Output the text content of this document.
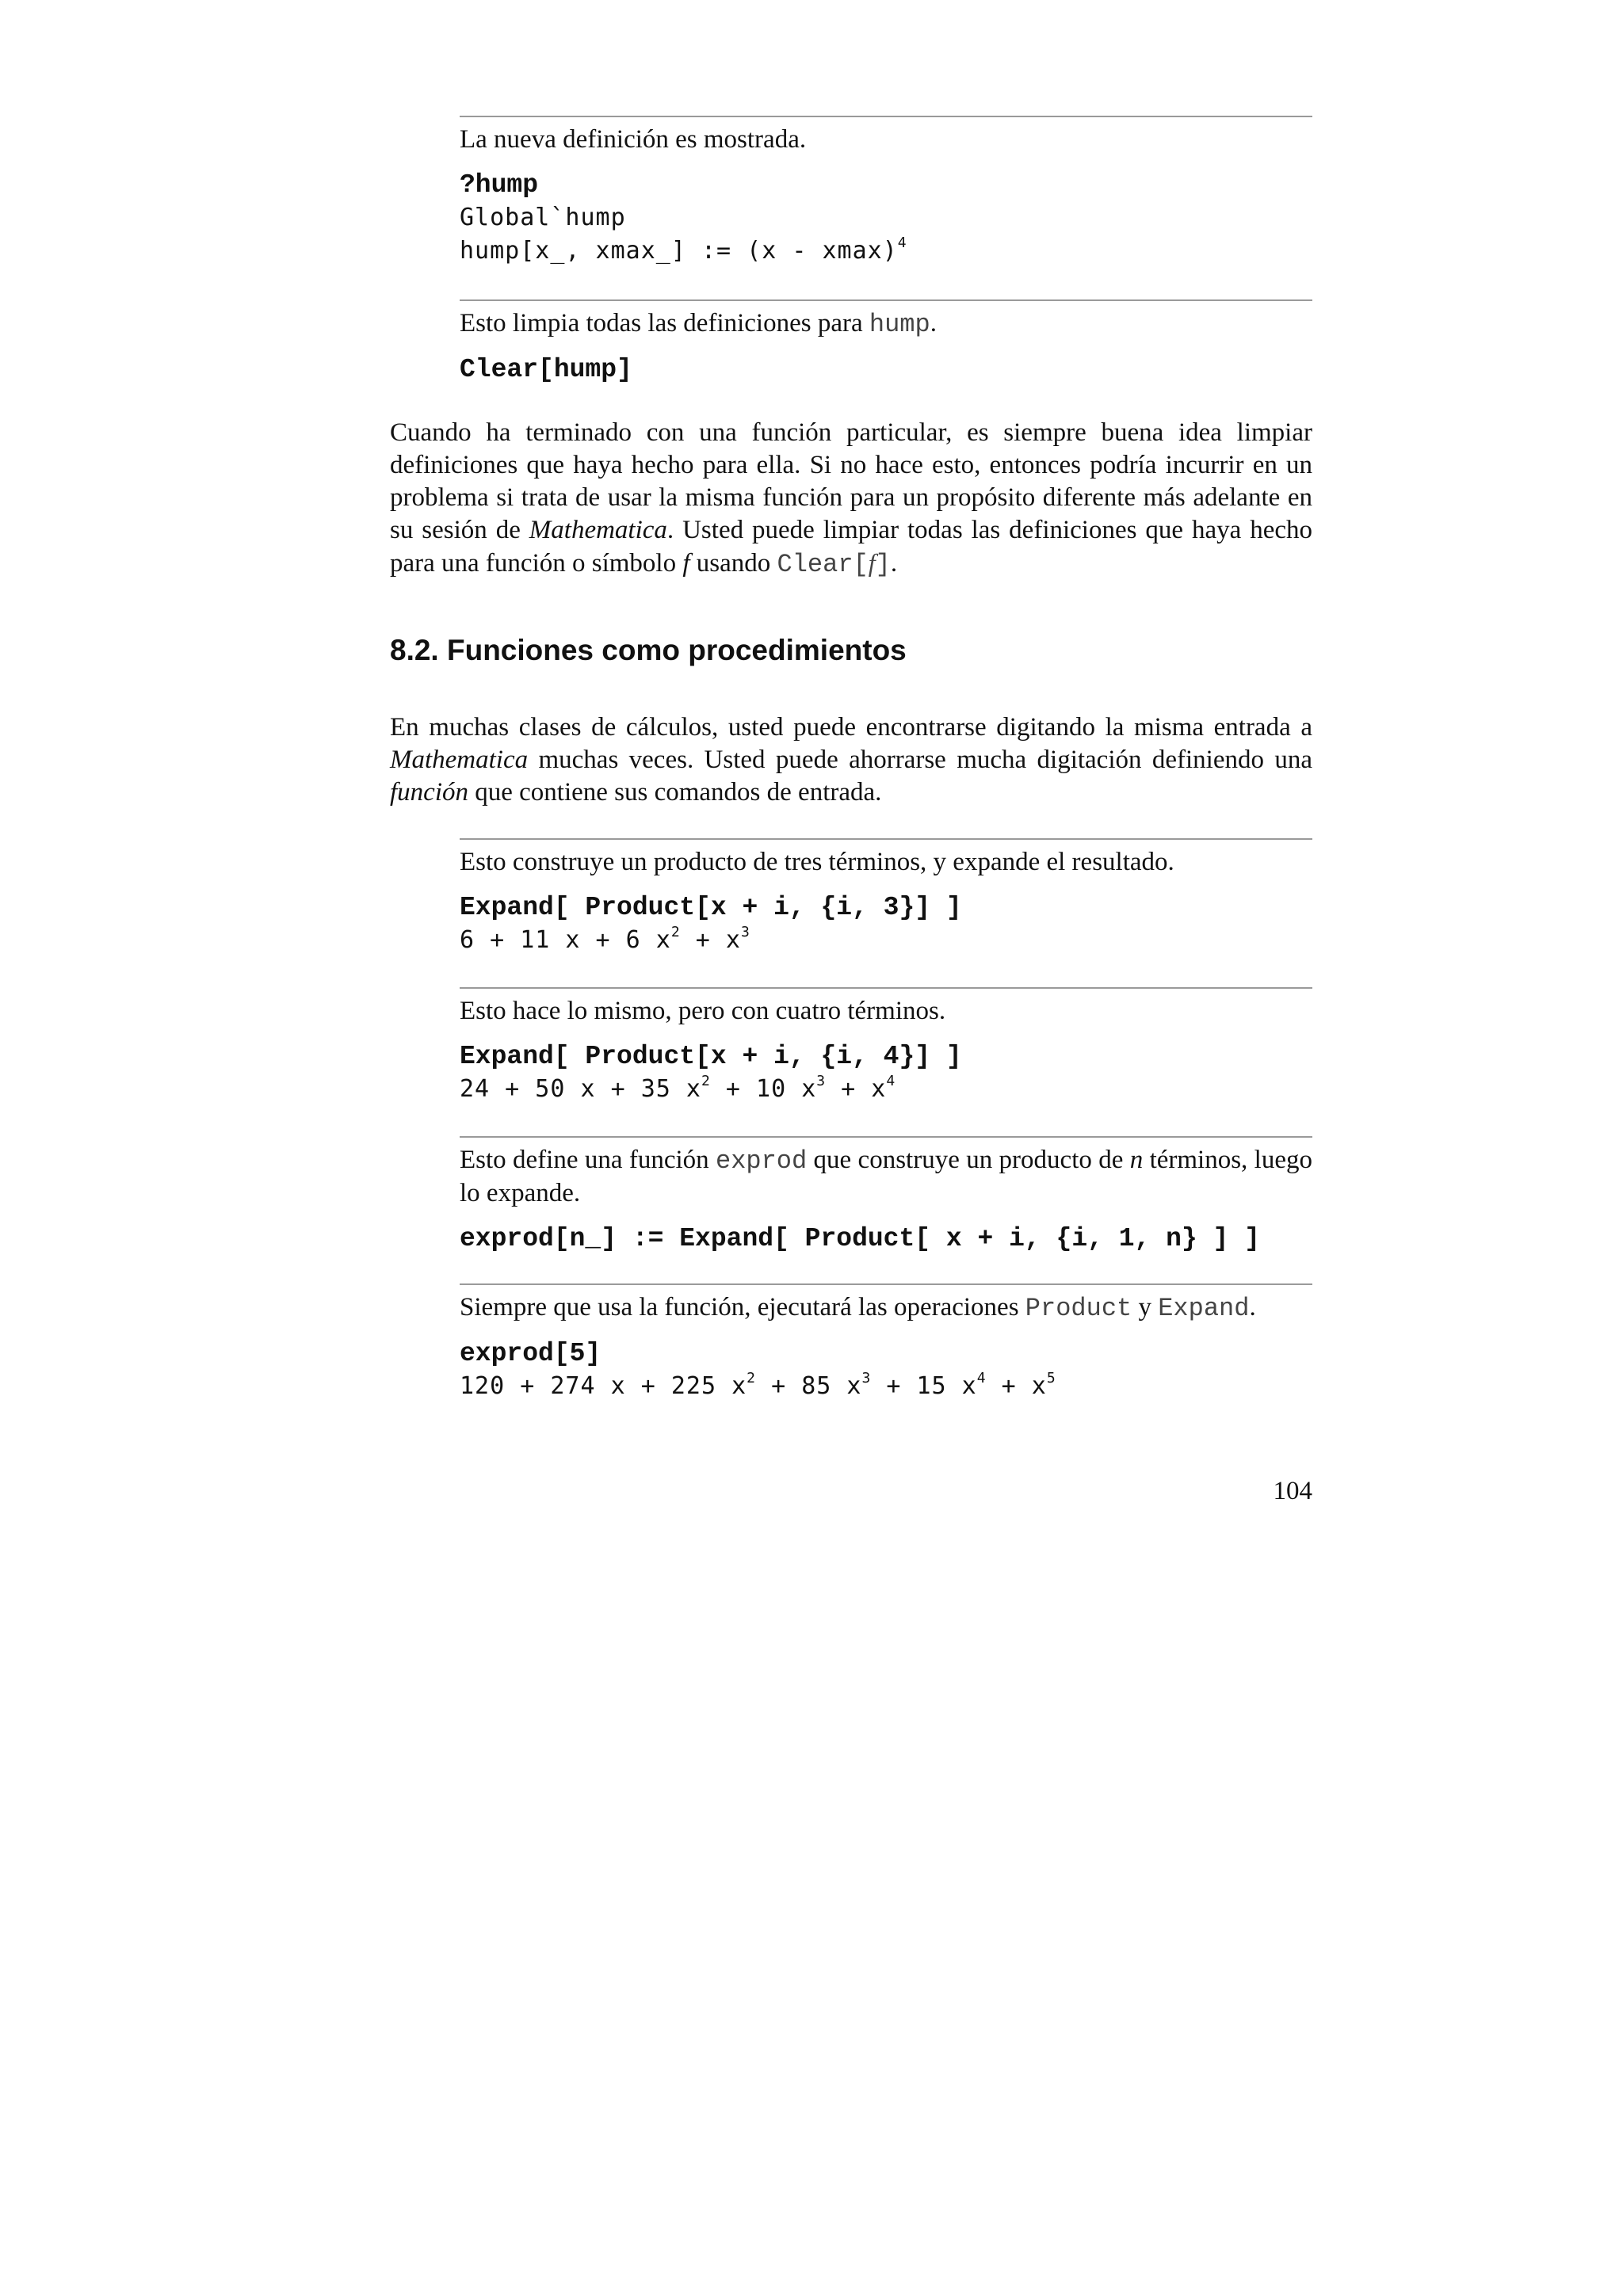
La nueva definición es mostrada.
?hump
Global`hump
hump[x_, xmax_] := (x - xmax)$^4$
Esto limpia todas las definiciones para hump.
Clear[hump]
Cuando ha terminado con una función particular, es siempre buena idea limpiar definiciones que haya hecho para ella. Si no hace esto, entonces podría incurrir en un problema si trata de usar la misma función para un propósito diferente más adelante en su sesión de Mathematica. Usted puede limpiar todas las definiciones que haya hecho para una función o símbolo f usando Clear[f].
8.2. Funciones como procedimientos
En muchas clases de cálculos, usted puede encontrarse digitando la misma entrada a Mathematica muchas veces. Usted puede ahorrarse mucha digitación definiendo una función que contiene sus comandos de entrada.
Esto construye un producto de tres términos, y expande el resultado.
Expand[ Product[x + i, {i, 3}] ]
6 + 11 x + 6 $x^2 + x^3$
Esto hace lo mismo, pero con cuatro términos.
Expand[ Product[x + i, {i, 4}] ]
24 + 50 x + 35 $x^2 + 10$ $x^3 + x^4$
Esto define una función exprod que construye un producto de n términos, luego lo expande.
exprod[n_] := Expand[ Product[ x + i, {i, 1, n} ] ]
Siempre que usa la función, ejecutará las operaciones Product y Expand.
exprod[5]
120 + 274 x + 225 $x^2 + 85$ $x^3 + 15$ $x^4 + x^5$
104
